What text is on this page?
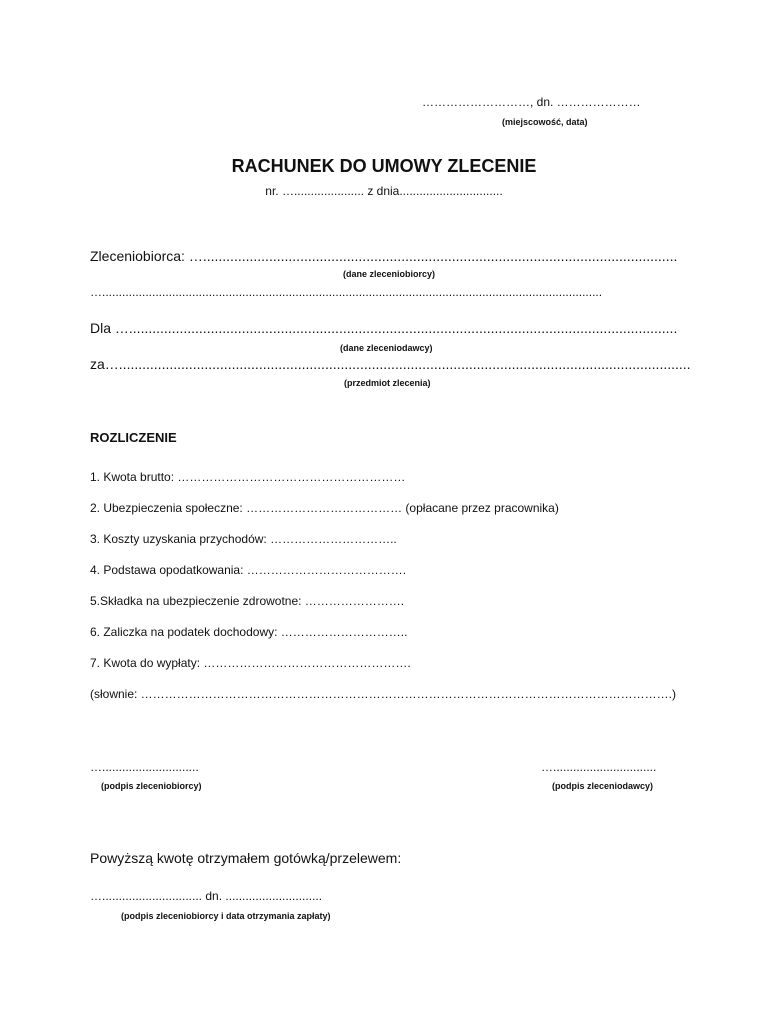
………………………, dn. …………………

(miejscowość, data)

RACHUNEK DO UMOWY ZLECENIE

nr. …..................... z dnia...............................

Zleceniobiorca: …..........................................................................................................................

(dane zleceniobiorcy)

…......................................................................................................................................................

Dla ….............................................................................................................................................

(dane zleceniodawcy)

za…...................................................................................................................................................

(przedmiot zlecenia)

ROZLICZENIE

1. Kwota brutto: …………………………………………………

2. Ubezpieczenia społeczne: ………………………………… (opłacane przez pracownika)

3. Koszty uzyskania przychodów: …………………………..

4. Podstawa opodatkowania: ………………………………….

5.Składka na ubezpieczenie zdrowotne: …………………….

6. Zaliczka na podatek dochodowy: …………………………..

7. Kwota do wypłaty: …………………………………………….

(słownie: …………………………………………………………………………………………………………………….)

….............................

(podpis zleceniobiorcy)

…...............................

(podpis zleceniodawcy)

Powyższą kwotę otrzymałem gotówką/przelewem:

….............................. dn. .............................

(podpis zleceniobiorcy i data otrzymania zapłaty)
